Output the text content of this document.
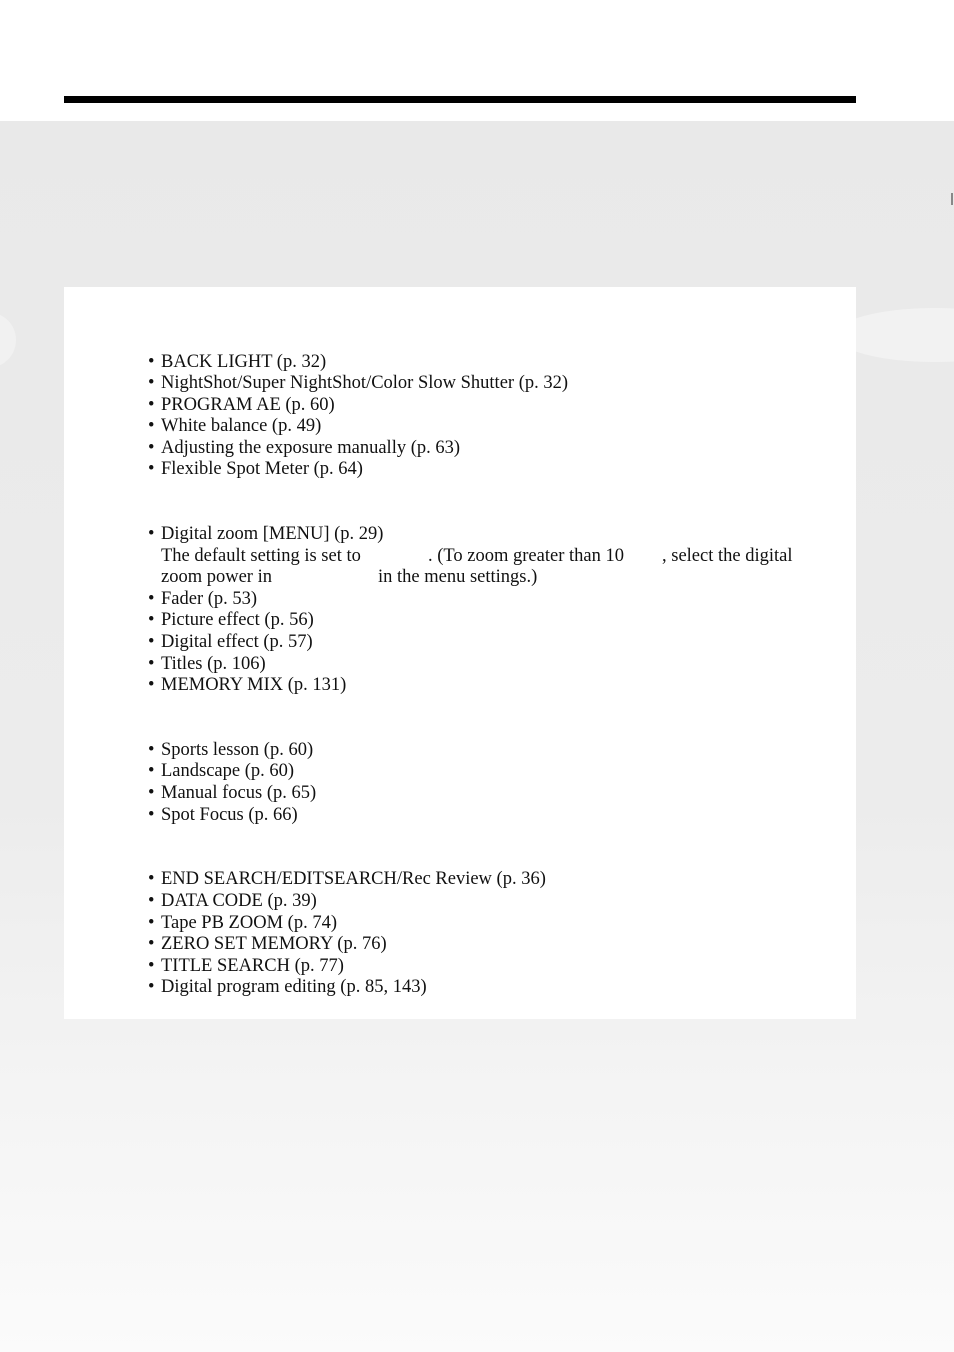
• BACK LIGHT (p. 32)
• NightShot/Super NightShot/Color Slow Shutter (p. 32)
• PROGRAM AE (p. 60)
• White balance (p. 49)
• Adjusting the exposure manually (p. 63)
• Flexible Spot Meter (p. 64)
• Digital zoom [MENU] (p. 29)
The default setting is set to	. (To zoom greater than 10 , select the digital
zoom power in	in the menu settings.)
• Fader (p. 53)
• Picture effect (p. 56)
• Digital effect (p. 57)
• Titles (p. 106)
• MEMORY MIX (p. 131)
• Sports lesson (p. 60)
• Landscape (p. 60)
• Manual focus (p. 65)
• Spot Focus (p. 66)
• END SEARCH/EDITSEARCH/Rec Review (p. 36)
• DATA CODE (p. 39)
• Tape PB ZOOM (p. 74)
• ZERO SET MEMORY (p. 76)
• TITLE SEARCH (p. 77)
• Digital program editing (p. 85, 143)
